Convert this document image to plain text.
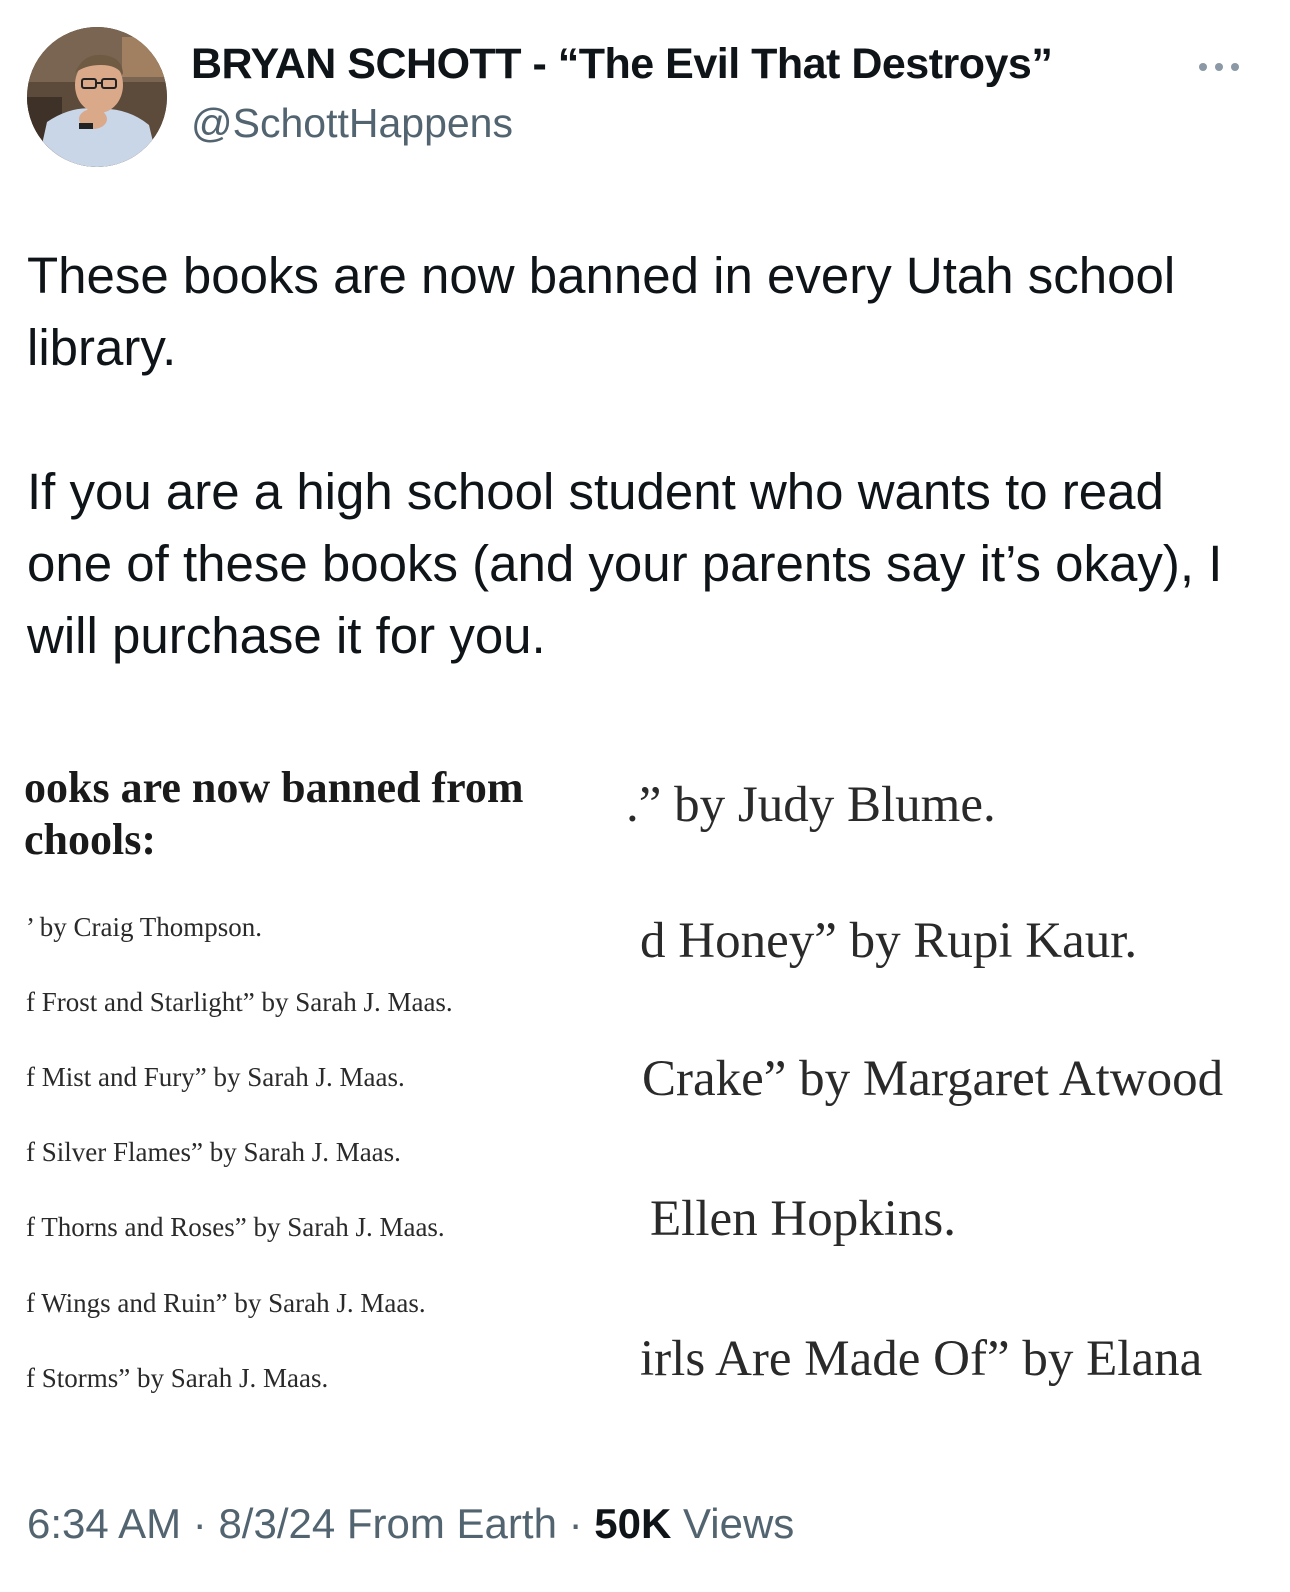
BRYAN SCHOTT - “The Evil That Destroys”
@SchottHappens

These books are now banned in every Utah school library.

If you are a high school student who wants to read one of these books (and your parents say it’s okay), I will purchase it for you.

ooks are now banned from
chools:
’ by Craig Thompson.
f Frost and Starlight” by Sarah J. Maas.
f Mist and Fury” by Sarah J. Maas.
f Silver Flames” by Sarah J. Maas.
f Thorns and Roses” by Sarah J. Maas.
f Wings and Ruin” by Sarah J. Maas.
f Storms” by Sarah J. Maas.
.” by Judy Blume.
d Honey” by Rupi Kaur.
Crake” by Margaret Atwood
Ellen Hopkins.
irls Are Made Of” by Elana
6:34 AM · 8/3/24 From Earth · 50K Views
